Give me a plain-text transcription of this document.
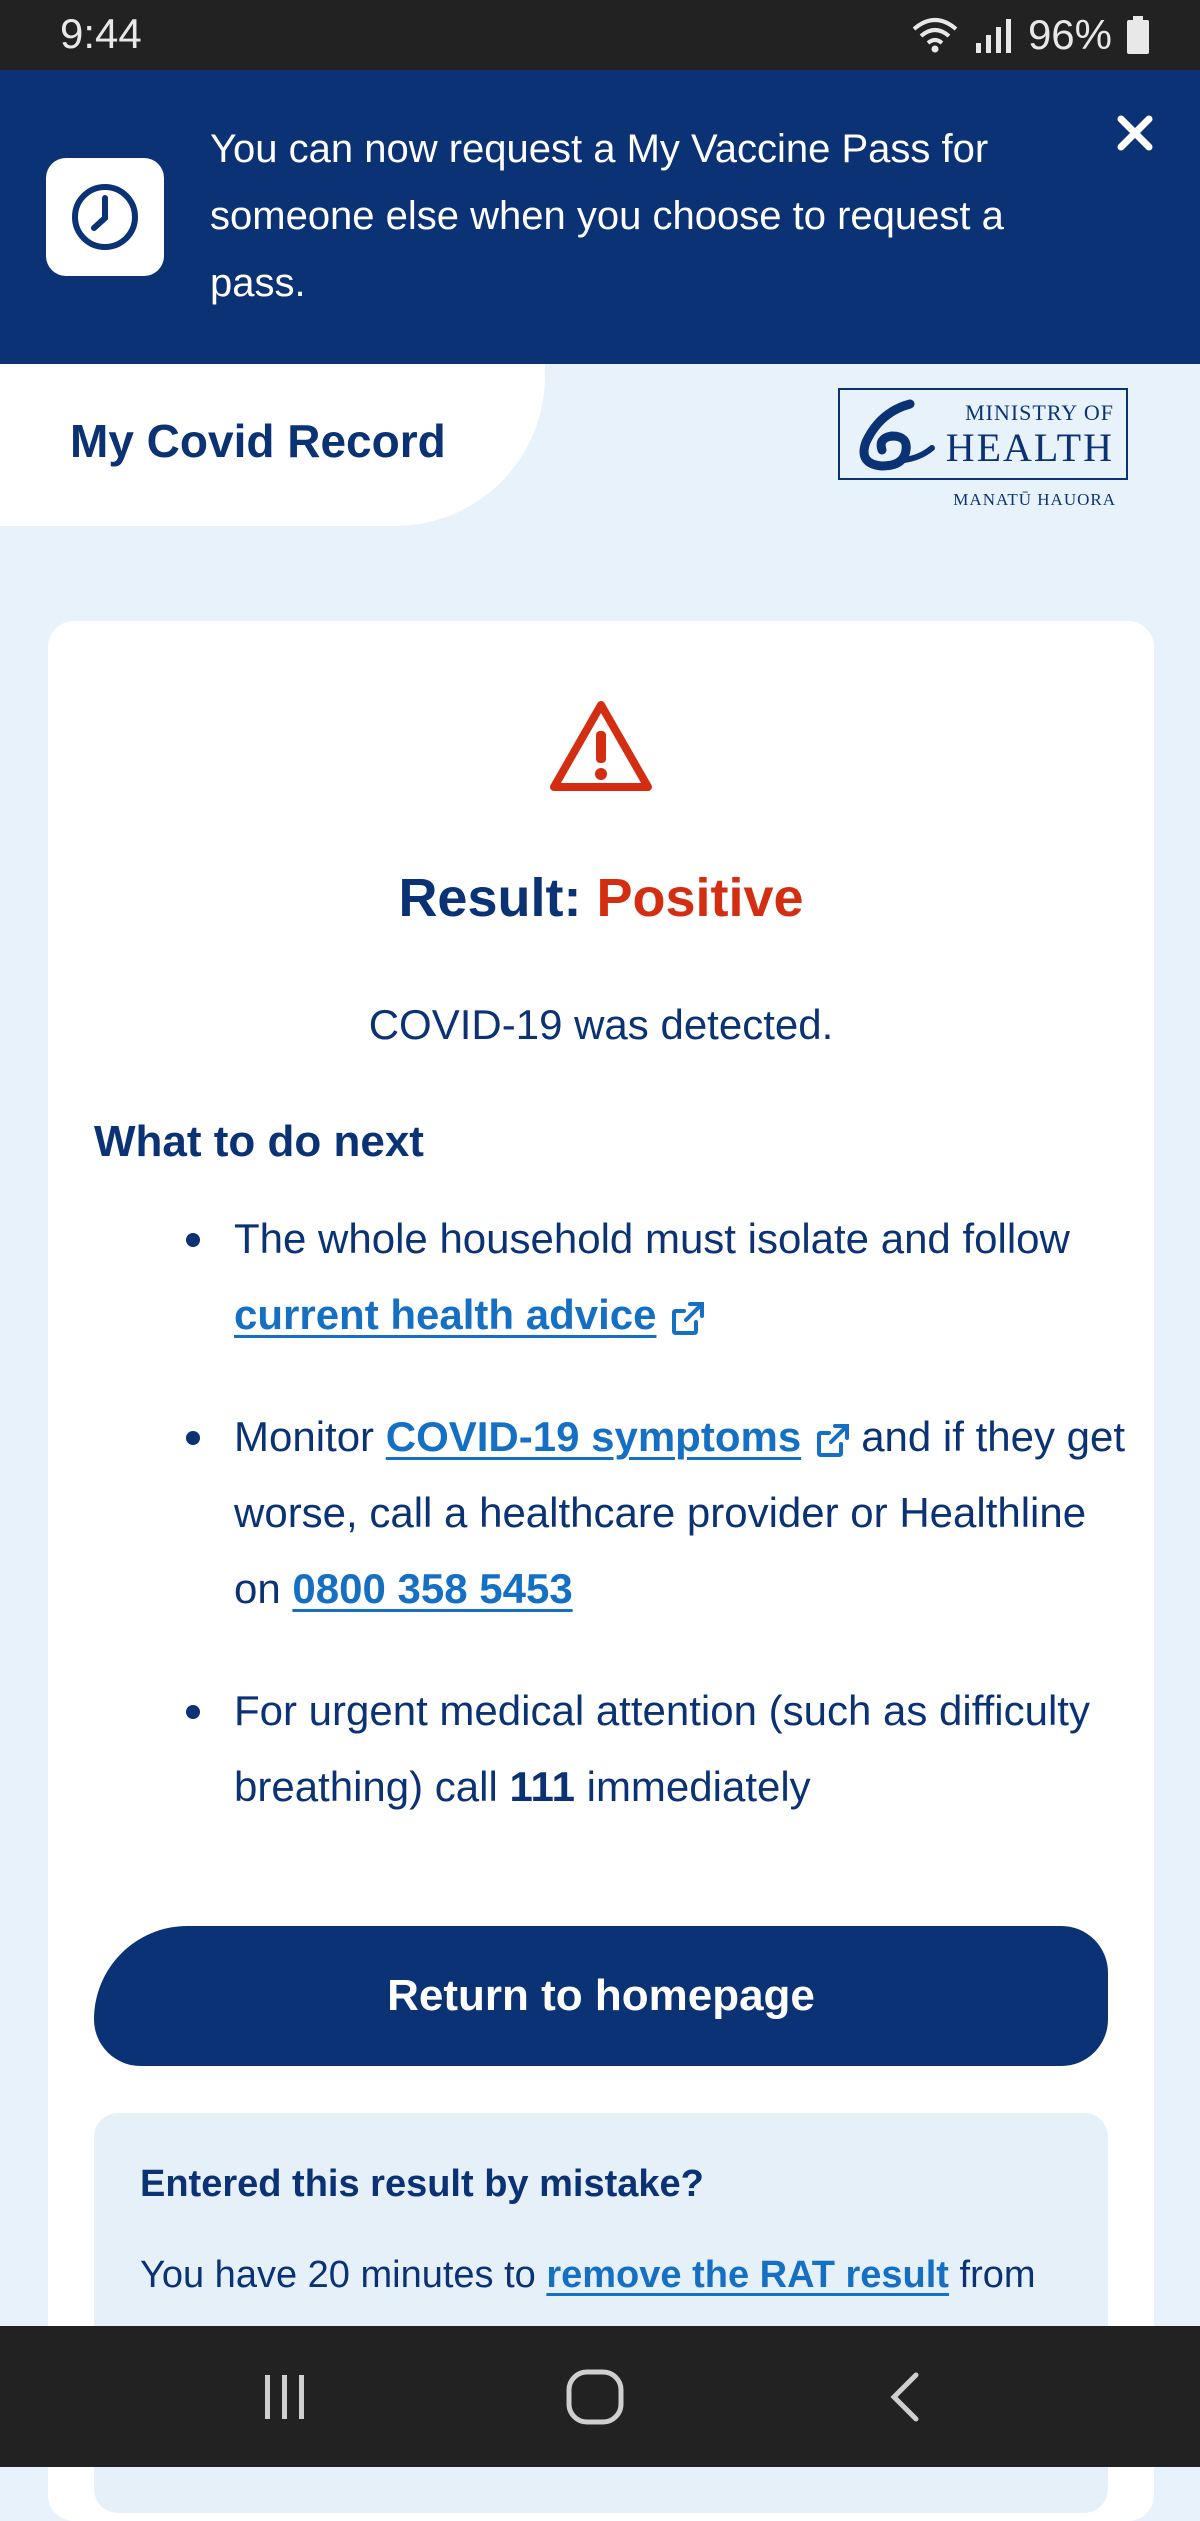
9:44	96%
You can now request a My Vaccine Pass for someone else when you choose to request a pass.
My Covid Record
MINISTRY OF
HEALTH
MANATŪ HAUORA
Result: Positive
COVID-19 was detected.
What to do next
The whole household must isolate and follow current health advice
Monitor COVID-19 symptoms and if they get worse, call a healthcare provider or Healthline on 0800 358 5453
For urgent medical attention (such as difficulty breathing) call 111 immediately
Return to homepage
Entered this result by mistake?
You have 20 minutes to remove the RAT result from
